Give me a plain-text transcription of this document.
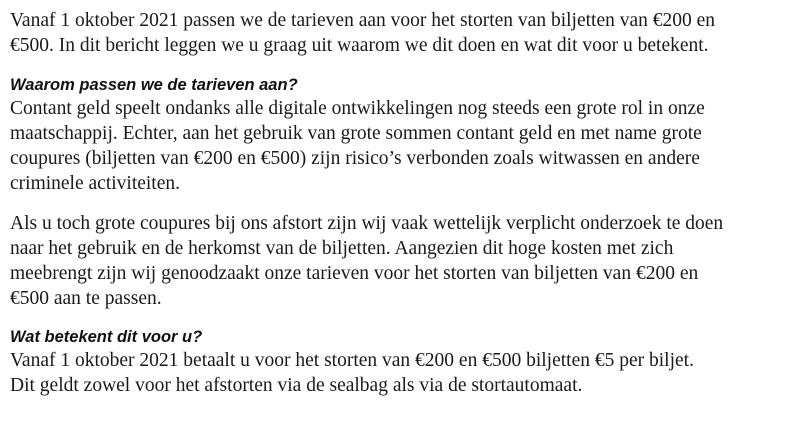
Vanaf 1 oktober 2021 passen we de tarieven aan voor het storten van biljetten van €200 en
€500. In dit bericht leggen we u graag uit waarom we dit doen en wat dit voor u betekent.

Waarom passen we de tarieven aan?

Contant geld speelt ondanks alle digitale ontwikkelingen nog steeds een grote rol in onze
maatschappij. Echter, aan het gebruik van grote sommen contant geld en met name grote
coupures (biljetten van €200 en €500) zijn risico’s verbonden zoals witwassen en andere
criminele activiteiten.

Als u toch grote coupures bij ons afstort zijn wij vaak wettelijk verplicht onderzoek te doen
naar het gebruik en de herkomst van de biljetten. Aangezien dit hoge kosten met zich
meebrengt zijn wij genoodzaakt onze tarieven voor het storten van biljetten van €200 en
€500 aan te passen.

Wat betekent dit voor u?

Vanaf 1 oktober 2021 betaalt u voor het storten van €200 en €500 biljetten €5 per biljet.
Dit geldt zowel voor het afstorten via de sealbag als via de stortautomaat.
